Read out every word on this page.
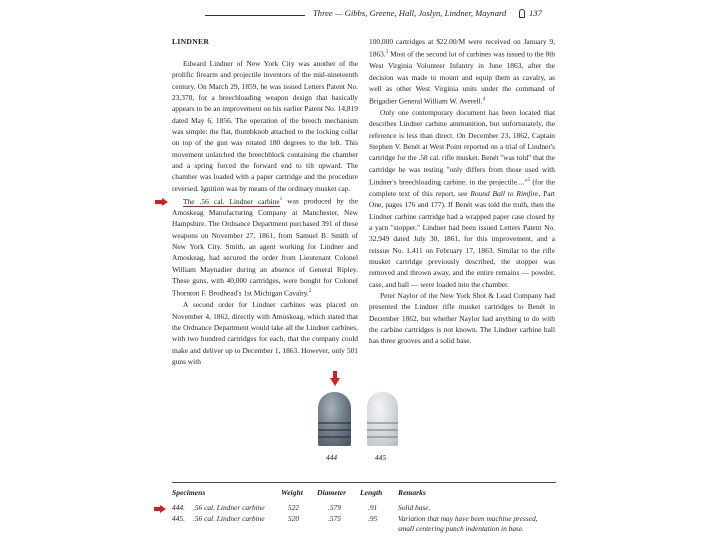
Three — Gibbs, Greene, Hall, Joslyn, Lindner, Maynard	137
LINDNER

Edward Lindner of New York City was another of the prolific firearm and projectile inventors of the mid-nineteenth century. On March 29, 1859, he was issued Letters Patent No. 23,378, for a breechloading weapon design that basically appears to be an improvement on his earlier Patent No. 14,819 dated May 6, 1856. The operation of the breech mechanism was simple: the flat, thumbknob attached to the locking collar on top of the gun was rotated 180 degrees to the left. This movement unlatched the breechblock containing the chamber and a spring forced the forward end to tilt upward. The chamber was loaded with a paper cartridge and the procedure reversed. Ignition was by means of the ordinary musket cap.

The .56 cal. Lindner carbine$^1$ was produced by the Amoskeag Manufacturing Company at Manchester, New Hampshire. The Ordnance Department purchased 391 of these weapons on November 27, 1861, from Samuel B. Smith of New York City. Smith, an agent working for Lindner and Amoskeag, had secured the order from Lieutenant Colonel William Maynadier during an absence of General Ripley. These guns, with 40,000 cartridges, were bought for Colonel Thornton F. Brodhead's 1st Michigan Cavalry.$^2$

A second order for Lindner carbines was placed on November 4, 1862, directly with Amoskeag, which stated that the Ordnance Department would take all the Lindner carbines, with two hundred cartridges for each, that the company could make and deliver up to December 1, 1863. However, only 501 guns with

100,000 cartridges at $22.00/M were received on January 9, 1863.$^3$ Most of the second lot of carbines was issued to the 8th West Virginia Volunteer Infantry in June 1863, after the decision was made to mount and equip them as cavalry, as well as other West Virginia units under the command of Brigadier General William W. Averell.$^4$

Only one contemporary document has been located that describes Lindner carbine ammunition, but unfortunately, the reference is less than direct. On December 23, 1862, Captain Stephen V. Benét at West Point reported on a trial of Lindner's cartridge for the .58 cal. rifle musket. Benét "was told" that the cartridge he was testing "only differs from those used with Lindner's breechloading carbine, in the projectile...."$^5$ (for the complete text of this report, see Round Ball to Rimfire, Part One, pages 176 and 177). If Benét was told the truth, then the Lindner carbine cartridge had a wrapped paper case closed by a yarn "stopper." Lindner had been issued Letters Patent No. 32,949 dated July 30, 1861, for this improvement, and a reissue No. 1,411 on February 17, 1863. Similar to the rifle musket cartridge previously described, the stopper was removed and thrown away, and the entire remains — powder, case, and ball — were loaded into the chamber.

Peter Naylor of the New York Shot & Lead Company had presented the Lindner rifle musket cartridges to Benét in December 1862, but whether Naylor had anything to do with the carbine cartridges is not known. The Lindner carbine ball has three grooves and a solid base.

444	445
Specimens	Weight Diameter Length Remarks
444. .56 cal. Lindner carbine	522	.579	.91	Solid base.
445. .56 cal. Lindner carbine	520	.575	.95	Variation that may have been machine pressed,
small centering punch indentation in base.
